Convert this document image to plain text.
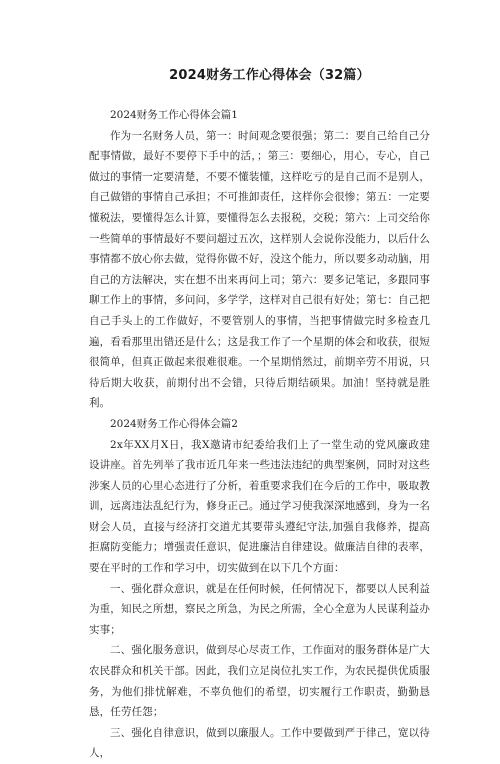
2024财务工作心得体会（32篇）

2024财务工作心得体会篇1

作为一名财务人员，第一：时间观念要很强；第二：要自己给自己分配事情做，最好不要停下手中的活，；第三：要细心，用心，专心，自己做过的事情一定要清楚，不要不懂装懂，这样吃亏的是自己而不是别人，自己做错的事情自己承担；不可推卸责任，这样你会很惨；第五：一定要懂税法，要懂得怎么计算，要懂得怎么去报税，交税；第六：上司交给你一些简单的事情最好不要问超过五次，这样别人会说你没能力，以后什么事情都不放心你去做，觉得你做不好，没这个能力，所以要多动动脑，用自己的方法解决，实在想不出来再问上司；第六：要多记笔记，多跟同事聊工作上的事情，多问问，多学学，这样对自己很有好处；第七：自己把自己手头上的工作做好，不要管别人的事情，当把事情做完时多检查几遍，看看那里出错还是什么；这是我工作了一个星期的体会和收获，很短很简单，但真正做起来很难很难。一个星期悄然过，前期辛劳不用说，只待后期大收获，前期付出不会错，只待后期结硕果。加油！坚持就是胜利。

2024财务工作心得体会篇2

2x年XX月X日，我X邀请市纪委给我们上了一堂生动的党风廉政建设讲座。首先列举了我市近几年来一些违法违纪的典型案例，同时对这些涉案人员的心里心态进行了分析，着重要求我们在今后的工作中，吸取教训，远离违法乱纪行为，修身正己。通过学习使我深深地感到，身为一名财会人员，直接与经济打交道尤其要带头遵纪守法,加强自我修养，提高拒腐防变能力；增强责任意识，促进廉洁自律建设。做廉洁自律的表率，要在平时的工作和学习中，切实做到在以下几个方面：

一、强化群众意识，就是在任何时候，任何情况下，都要以人民利益为重，知民之所想，察民之所急，为民之所需，全心全意为人民谋利益办实事；

二、强化服务意识，做到尽心尽责工作，工作面对的服务群体是广大农民群众和机关干部。因此，我们立足岗位扎实工作，为农民提供优质服务，为他们排忧解难，不辜负他们的希望，切实履行工作职责，勤勤恳恳，任劳任怨；

三、强化自律意识，做到以廉服人。工作中要做到严于律己，宽以待人，
